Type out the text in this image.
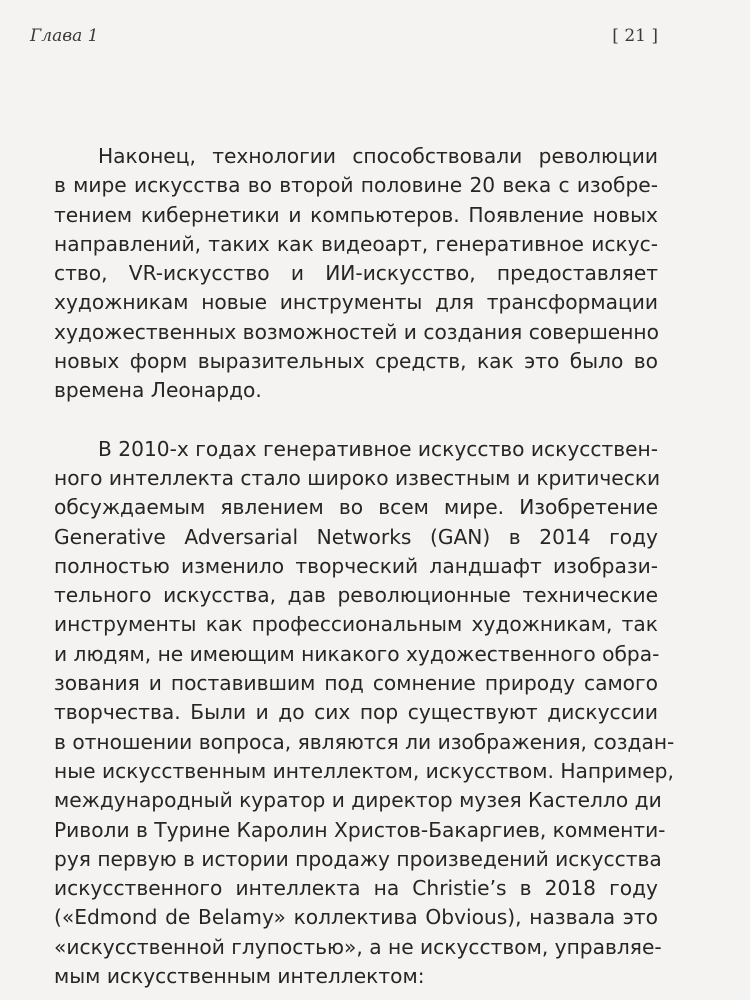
Глава 1	[ 21 ]

Наконец, технологии способствовали революции
в мире искусства во второй половине 20 века с изобре-
тением кибернетики и компьютеров. Появление новых
направлений, таких как видеоарт, генеративное искус-
ство, VR-искусство и ИИ-искусство, предоставляет
художникам новые инструменты для трансформации
художественных возможностей и создания совершенно
новых форм выразительных средств, как это было во
времена Леонардо.

В 2010-х годах генеративное искусство искусствен-
ного интеллекта стало широко известным и критически
обсуждаемым явлением во всем мире. Изобретение
Generative Adversarial Networks (GAN) в 2014 году
полностью изменило творческий ландшафт изобрази-
тельного искусства, дав революционные технические
инструменты как профессиональным художникам, так
и людям, не имеющим никакого художественного обра-
зования и поставившим под сомнение природу самого
творчества. Были и до сих пор существуют дискуссии
в отношении вопроса, являются ли изображения, создан-
ные искусственным интеллектом, искусством. Например,
международный куратор и директор музея Кастелло ди
Риволи в Турине Каролин Христов-Бакаргиев, комменти-
руя первую в истории продажу произведений искусства
искусственного интеллекта на Christie’s в 2018 году
(«Edmond de Belamy» коллектива Obvious), назвала это
«искусственной глупостью», а не искусством, управляе-
мым искусственным интеллектом:
